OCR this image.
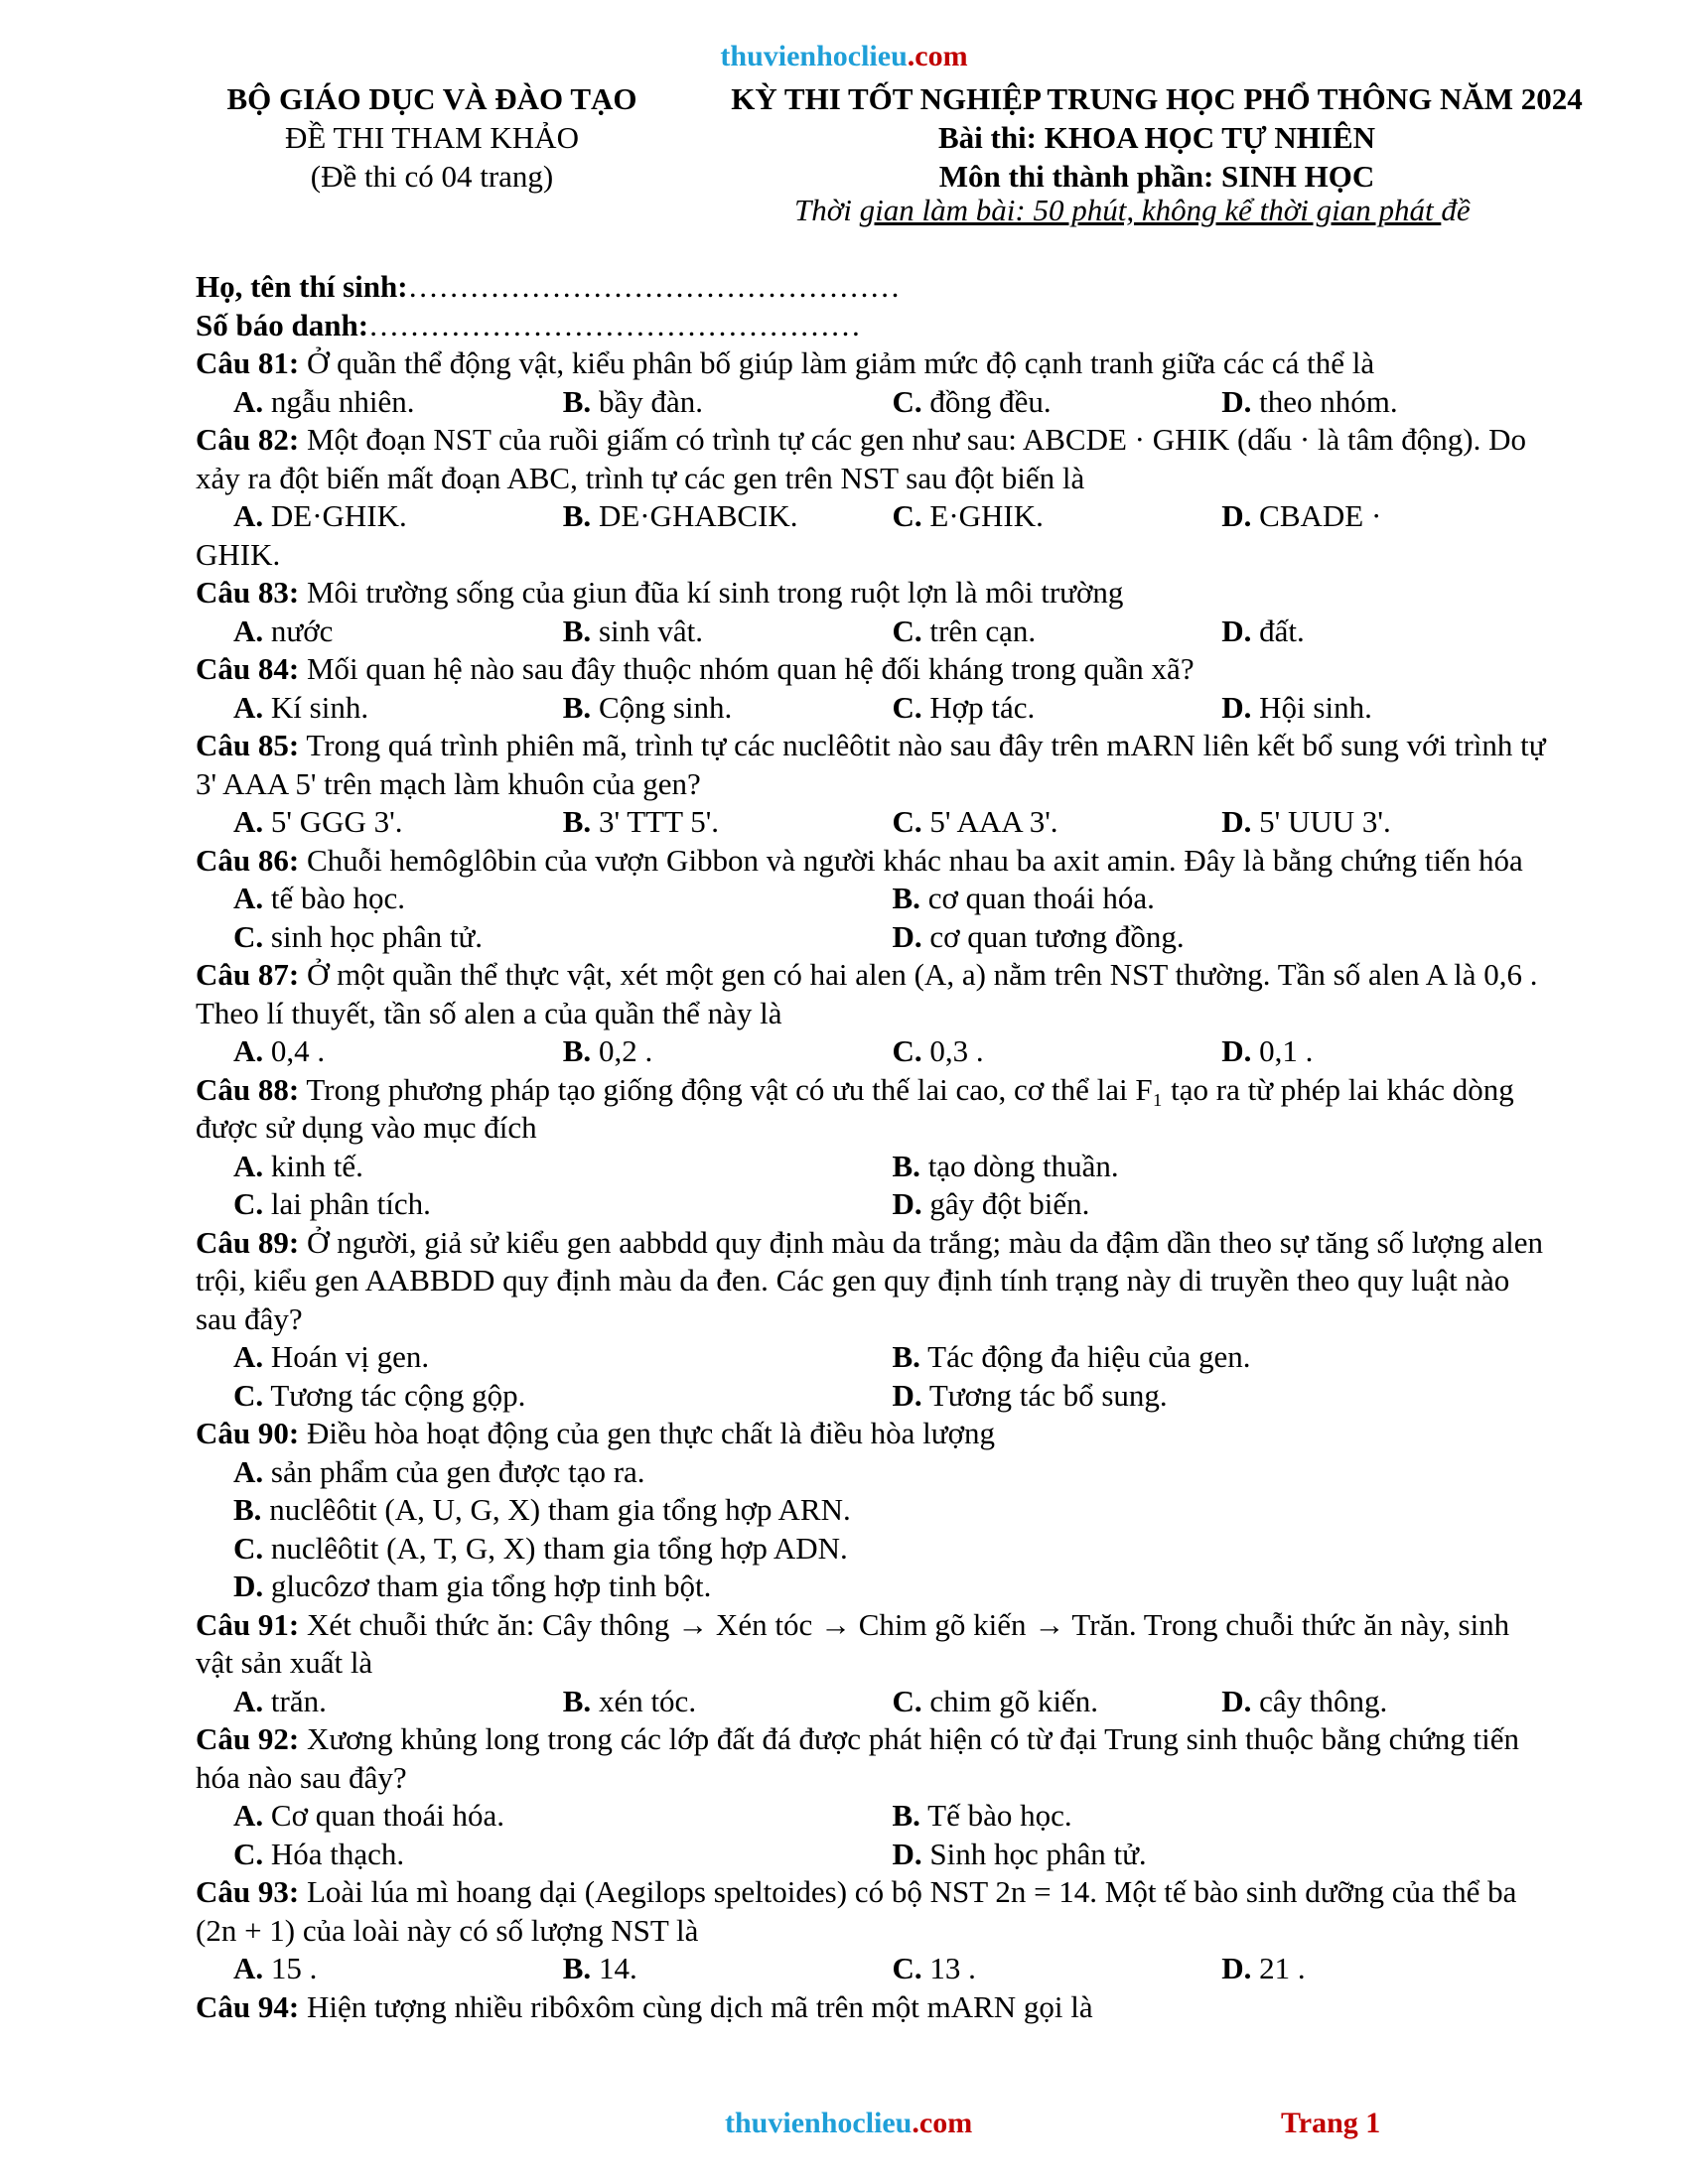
thuvienhoclieu.com
BỘ GIÁO DỤC VÀ ĐÀO TẠO
ĐỀ THI THAM KHẢO
(Đề thi có 04 trang)
KỲ THI TỐT NGHIỆP TRUNG HỌC PHỔ THÔNG NĂM 2024
Bài thi: KHOA HỌC TỰ NHIÊN
Môn thi thành phần: SINH HỌC
Thời gian làm bài: 50 phút, không kể thời gian phát đề
Họ, tên thí sinh:…………………………………………
Số báo danh:…………………………………………
Câu 81: Ở quần thể động vật, kiểu phân bố giúp làm giảm mức độ cạnh tranh giữa các cá thể là
A. ngẫu nhiên.	B. bầy đàn.	C. đồng đều.	D. theo nhóm.
Câu 82: Một đoạn NST của ruồi giấm có trình tự các gen như sau: ABCDE · GHIK (dấu · là tâm động). Do xảy ra đột biến mất đoạn ABC, trình tự các gen trên NST sau đột biến là
A. DE·GHIK.	B. DE·GHABCIK.	C. E·GHIK.	D. CBADE ·
GHIK.
Câu 83: Môi trường sống của giun đũa kí sinh trong ruột lợn là môi trường
A. nước	B. sinh vât.	C. trên cạn.	D. đất.
Câu 84: Mối quan hệ nào sau đây thuộc nhóm quan hệ đối kháng trong quần xã?
A. Kí sinh.	B. Cộng sinh.	C. Hợp tác.	D. Hội sinh.
Câu 85: Trong quá trình phiên mã, trình tự các nuclêôtit nào sau đây trên mARN liên kết bổ sung với trình tự 3' AAA 5' trên mạch làm khuôn của gen?
A. 5' GGG 3'.	B. 3' TTT 5'.	C. 5' AAA 3'.	D. 5' UUU 3'.
Câu 86: Chuỗi hemôglôbin của vượn Gibbon và người khác nhau ba axit amin. Đây là bằng chứng tiến hóa
A. tế bào học.	B. cơ quan thoái hóa.
C. sinh học phân tử.	D. cơ quan tương đồng.
Câu 87: Ở một quần thể thực vật, xét một gen có hai alen (A, a) nằm trên NST thường. Tần số alen A là 0,6 . Theo lí thuyết, tần số alen a của quần thể này là
A. 0,4 .	B. 0,2 .	C. 0,3 .	D. 0,1 .
Câu 88: Trong phương pháp tạo giống động vật có ưu thế lai cao, cơ thể lai F₁ tạo ra từ phép lai khác dòng được sử dụng vào mục đích
A. kinh tế.	B. tạo dòng thuần.
C. lai phân tích.	D. gây đột biến.
Câu 89: Ở người, giả sử kiểu gen aabbdd quy định màu da trắng; màu da đậm dần theo sự tăng số lượng alen trội, kiểu gen AABBDD quy định màu da đen. Các gen quy định tính trạng này di truyền theo quy luật nào sau đây?
A. Hoán vị gen.	B. Tác động đa hiệu của gen.
C. Tương tác cộng gộp.	D. Tương tác bổ sung.
Câu 90: Điều hòa hoạt động của gen thực chất là điều hòa lượng
A. sản phẩm của gen được tạo ra.
B. nuclêôtit (A, U, G, X) tham gia tổng hợp ARN.
C. nuclêôtit (A, T, G, X) tham gia tổng hợp ADN.
D. glucôzơ tham gia tổng hợp tinh bột.
Câu 91: Xét chuỗi thức ăn: Cây thông → Xén tóc → Chim gõ kiến → Trăn. Trong chuỗi thức ăn này, sinh vật sản xuất là
A. trăn.	B. xén tóc.	C. chim gõ kiến.	D. cây thông.
Câu 92: Xương khủng long trong các lớp đất đá được phát hiện có từ đại Trung sinh thuộc bằng chứng tiến hóa nào sau đây?
A. Cơ quan thoái hóa.	B. Tế bào học.
C. Hóa thạch.	D. Sinh học phân tử.
Câu 93: Loài lúa mì hoang dại (Aegilops speltoides) có bộ NST 2n = 14. Một tế bào sinh dưỡng của thể ba (2n + 1) của loài này có số lượng NST là
A. 15 .	B. 14.	C. 13 .	D. 21 .
Câu 94: Hiện tượng nhiều ribôxôm cùng dịch mã trên một mARN gọi là
thuvienhoclieu.com	Trang 1
